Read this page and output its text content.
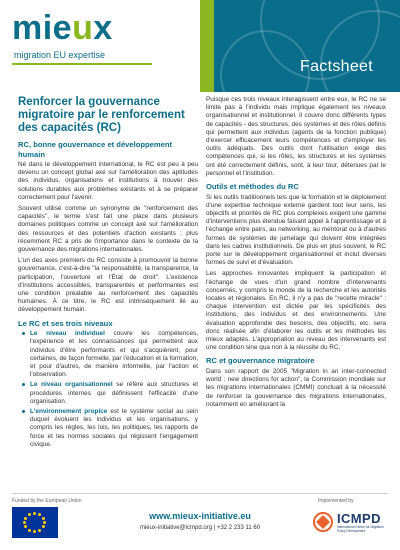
mieux
migration EU expertise
Factsheet
Renforcer la gouvernance migratoire par le renforcement des capacités (RC)
RC, bonne gouvernance et développement humain

Né dans le développement international, le RC est peu à peu devenu un concept global axé sur l'amélioration des aptitudes des individus, organisations et institutions à trouver des solutions durables aux problèmes existants et à se préparer correctement pour l'avenir.

Souvent utilisé comme un synonyme de "renforcement des capacités", le terme s'est fait une place dans plusieurs domaines politiques comme un concept axé sur l'amélioration des ressources et des potentiels d'action existants ; plus récemment RC a pris de l'importance dans le contexte de la gouvernance des migrations internationales.

L'un des axes premiers du RC consiste à promouvoir la bonne gouvernance, c'est-à-dire "la responsabilité, la transparence, la participation, l'ouverture et l'État de droit". L'existence d'institutions accessibles, transparentes et performantes est une condition préalable au renforcement des capacités humaines. À ce titre, le RC est intrinsèquement lié au développement humain.

Le RC et ses trois niveaux
Le niveau individuel couvre les compétences, l'expérience et les connaissances qui permettent aux individus d'être performants et qui s'acquièrent, pour certaines, de façon formelle, par l'éducation et la formation, et pour d'autres, de manière informelle, par l'action et l'observation.
Le niveau organisationnel se réfère aux structures et procédures internes qui définissent l'efficacité d'une organisation.
L'environnement propice est le système social au sein duquel évoluent les individus et les organisations, y compris les règles, les lois, les politiques, les rapports de force et les normes sociales qui régissent l'engagement civique.

Puisque ces trois niveaux interagissent entre eux, le RC ne se limite pas à l'individu mais implique également les niveaux organisationnel et institutionnel. Il couvre donc différents types de capacités - des structures, des systèmes et des rôles définis qui permettent aux individus (agents de la fonction publique) d'exercer efficacement leurs compétences et d'employer les outils adéquats. Des outils dont l'utilisation exige des compétences qui, si les rôles, les structures et les systèmes ont été correctement définis, sont, à leur tour, détenues par le personnel et l'institution.

Outils et méthodes du RC

Si les outils traditionnels tels que la formation et le déploiement d'une expertise technique externe gardent tout leur sens, les objectifs et priorités de RC plus complexes exigent une gamme d'interventions plus étendue faisant appel à l'apprentissage et à l'échange entre pairs, au networking, au mentorat ou à d'autres formes de systèmes de jumelage qui doivent être intégrées dans les cadres institutionnels. De plus en plus souvent, le RC porte sur le développement organisationnel et inclut diverses formes de suivi et d'évaluation.

Les approches innovantes impliquent la participation et l'échange de vues d'un grand nombre d'intervenants concernés, y compris le monde de la recherche et les autorités locales et régionales. En RC, il n'y a pas de "recette miracle" : chaque intervention est dictée par les spécificités des institutions, des individus et des environnements. Une évaluation approfondie des besoins, des objectifs, etc. sera donc réalisée afin d'élaborer les outils et les méthodes les mieux adaptés. L'appropriation au niveau des intervenants est une condition sine qua non à la réussite du RC.

RC et gouvernance migratoire

Dans son rapport de 2005 "Migration in an inter-connected world : new directions for action", la Commission mondiale sur les migrations internationales (CMMI) concluait à la nécessité de renforcer la gouvernance des migrations internationales, notamment en améliorant la

Funded by the European Union
www.mieux-initiative.eu
mieux-initiative@icmpd.org | +32 2 233 11 60
Implemented by
ICMPD
International Centre for Migration Policy Development
